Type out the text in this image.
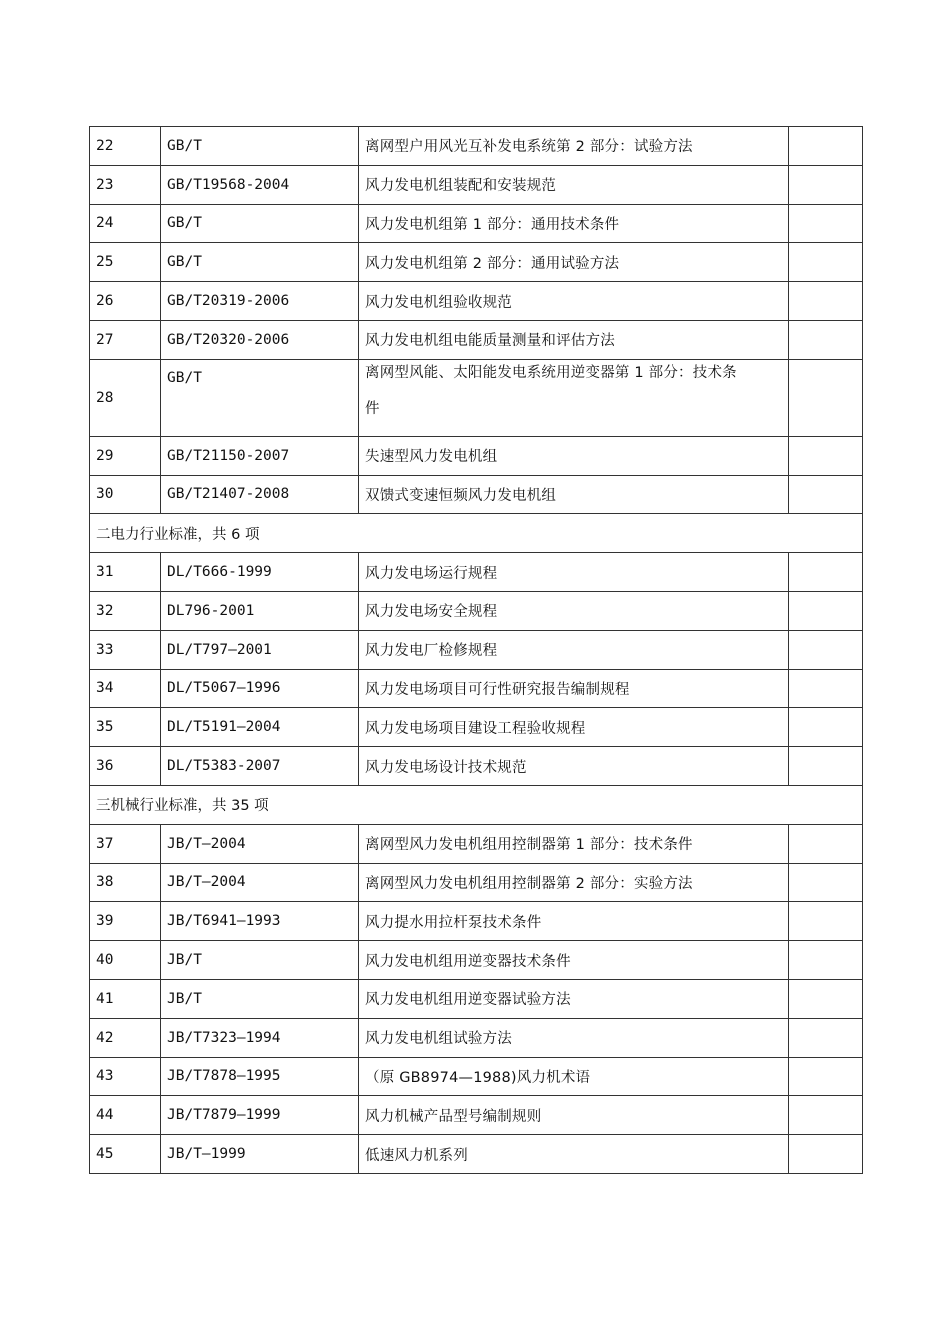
22	GB/T	离网型户用风光互补发电系统第 2 部分：试验方法	
23	GB/T19568-2004	风力发电机组装配和安装规范	
24	GB/T	风力发电机组第 1 部分：通用技术条件	
25	GB/T	风力发电机组第 2 部分：通用试验方法	
26	GB/T20319-2006	风力发电机组验收规范	
27	GB/T20320-2006	风力发电机组电能质量测量和评估方法	
28	GB/T	离网型风能、太阳能发电系统用逆变器第 1 部分：技术条
件	

29	GB/T21150-2007	失速型风力发电机组	
30	GB/T21407-2008	双馈式变速恒频风力发电机组	
二电力行业标准，共 6 项			
31	DL/T666-1999	风力发电场运行规程	
32	DL796-2001	风力发电场安全规程	
33	DL/T797—2001	风力发电厂检修规程	
34	DL/T5067—1996	风力发电场项目可行性研究报告编制规程	
35	DL/T5191—2004	风力发电场项目建设工程验收规程	
36	DL/T5383-2007	风力发电场设计技术规范	
三机械行业标准，共 35 项			
37	JB/T—2004	离网型风力发电机组用控制器第 1 部分：技术条件	
38	JB/T—2004	离网型风力发电机组用控制器第 2 部分：实验方法	
39	JB/T6941—1993	风力提水用拉杆泵技术条件	
40	JB/T	风力发电机组用逆变器技术条件	
41	JB/T	风力发电机组用逆变器试验方法	
42	JB/T7323—1994	风力发电机组试验方法	
43	JB/T7878—1995	（原 GB8974—1988)风力机术语	
44	JB/T7879—1999	风力机械产品型号编制规则	
45	JB/T—1999	低速风力机系列	
